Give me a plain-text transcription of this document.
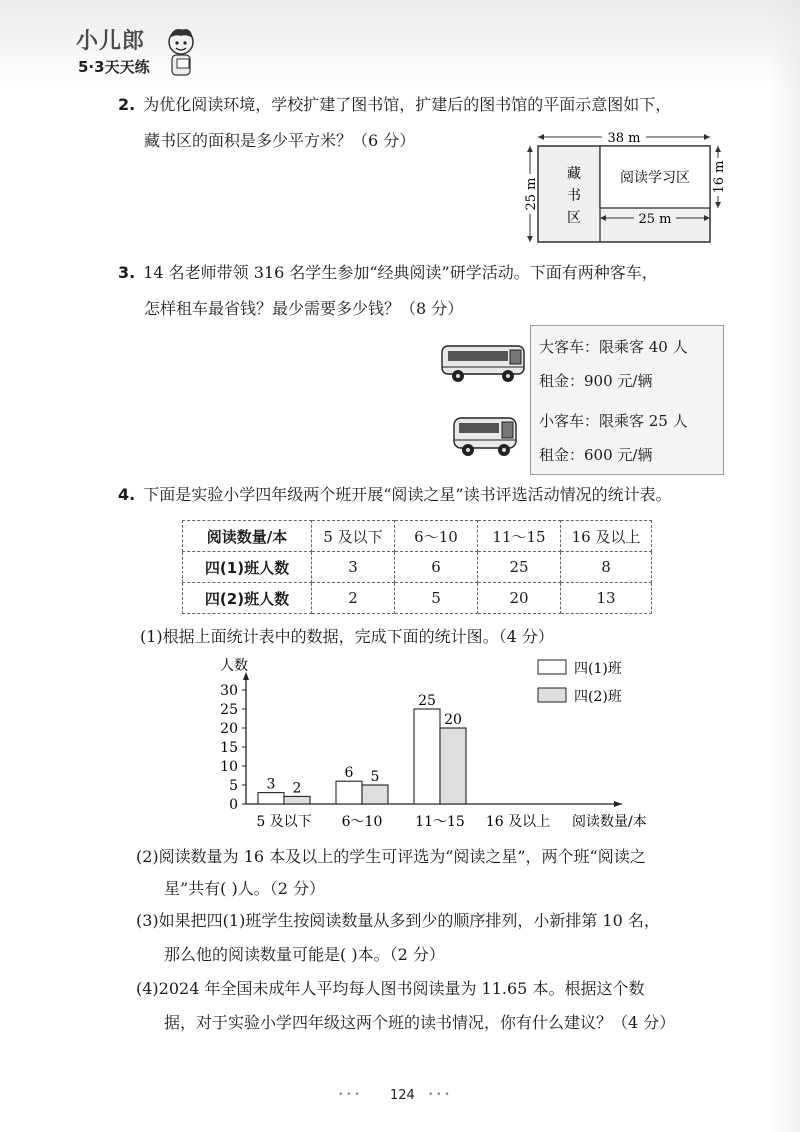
小儿郎
5·3天天练
2. 为优化阅读环境，学校扩建了图书馆，扩建后的图书馆的平面示意图如下，
藏书区的面积是多少平方米？（6 分）
藏
书
区
阅读学习区
38 m
25 m
16 m
25 m
3. 14 名老师带领 316 名学生参加“经典阅读”研学活动。下面有两种客车，
怎样租车最省钱？最少需要多少钱？（8 分）
大客车：限乘客 40 人
租金：900 元/辆
小客车：限乘客 25 人
租金：600 元/辆
4. 下面是实验小学四年级两个班开展“阅读之星”读书评选活动情况的统计表。
阅读数量/本	5 及以下	6～10	11～15	16 及以上
四(1)班人数	3	6	25	8
四(2)班人数	2	5	20	13
(1)根据上面统计表中的数据，完成下面的统计图。（4 分）
人数
阅读数量/本
0
5
10
15
20
25
30
5 及以下
3 2
6～10
6 5
11～15
25
20
16 及以上
四(1)班
四(2)班
(2)阅读数量为 16 本及以上的学生可评选为“阅读之星”，两个班“阅读之
星”共有( )人。（2 分）
(3)如果把四(1)班学生按阅读数量从多到少的顺序排列，小新排第 10 名，
那么他的阅读数量可能是( )本。（2 分）
(4)2024 年全国未成年人平均每人图书阅读量为 11.65 本。根据这个数
据，对于实验小学四年级这两个班的读书情况，你有什么建议？（4 分）
• • • 124 • • •
